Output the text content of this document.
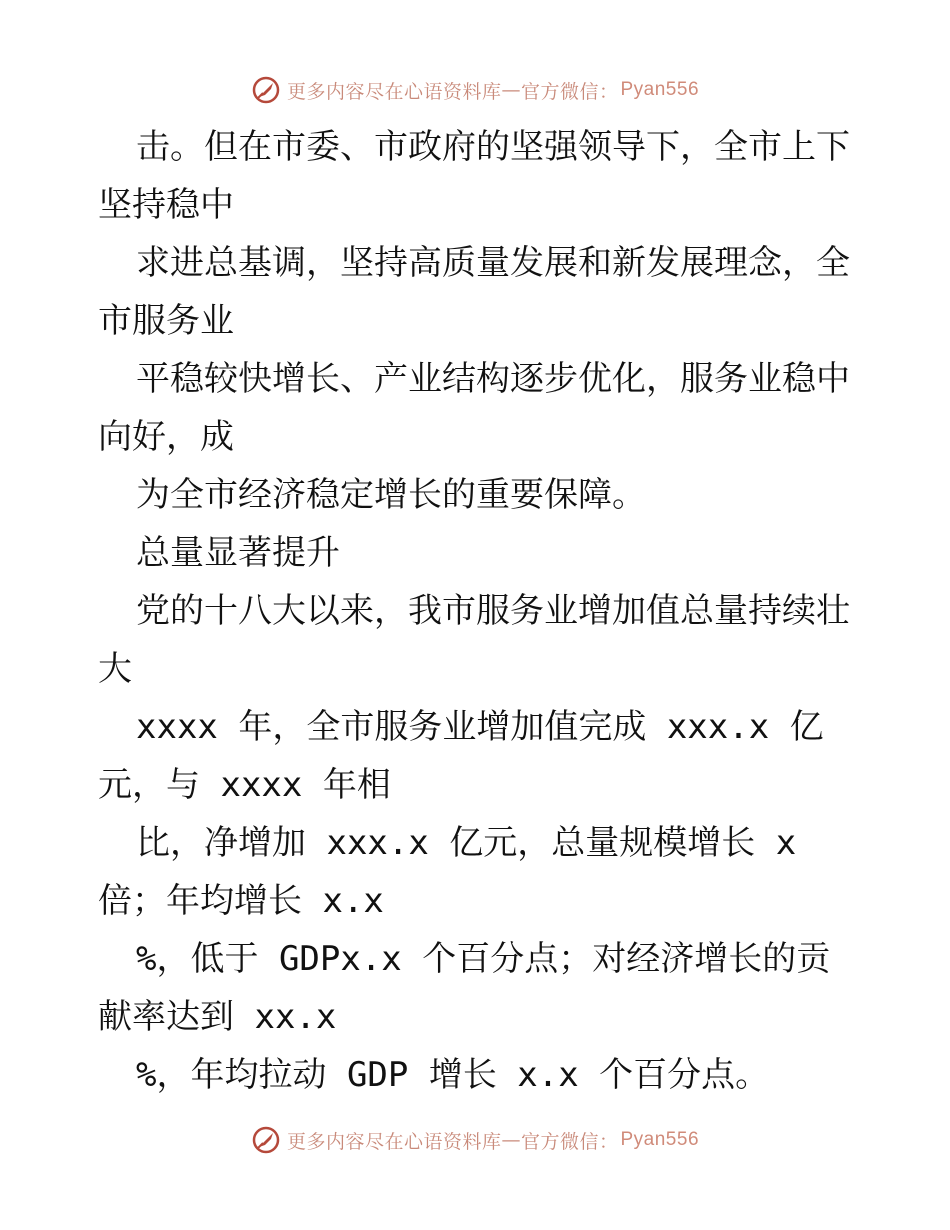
更多内容尽在心语资料库 — 官方微信： Pyan556

击。但在市委、市政府的坚强领导下，全市上下坚持稳中

求进总基调，坚持高质量发展和新发展理念，全市服务业

平稳较快增长、产业结构逐步优化，服务业稳中向好，成

为全市经济稳定增长的重要保障。

总量显著提升

党的十八大以来，我市服务业增加值总量持续壮大

xxxx 年，全市服务业增加值完成 xxx.x 亿元，与 xxxx 年相

比，净增加 xxx.x 亿元，总量规模增长 x倍；年均增长 x.x

%，低于 GDPx.x 个百分点；对经济增长的贡献率达到 xx.x

%，年均拉动 GDP 增长 x.x 个百分点。

更多内容尽在心语资料库 — 官方微信： Pyan556
